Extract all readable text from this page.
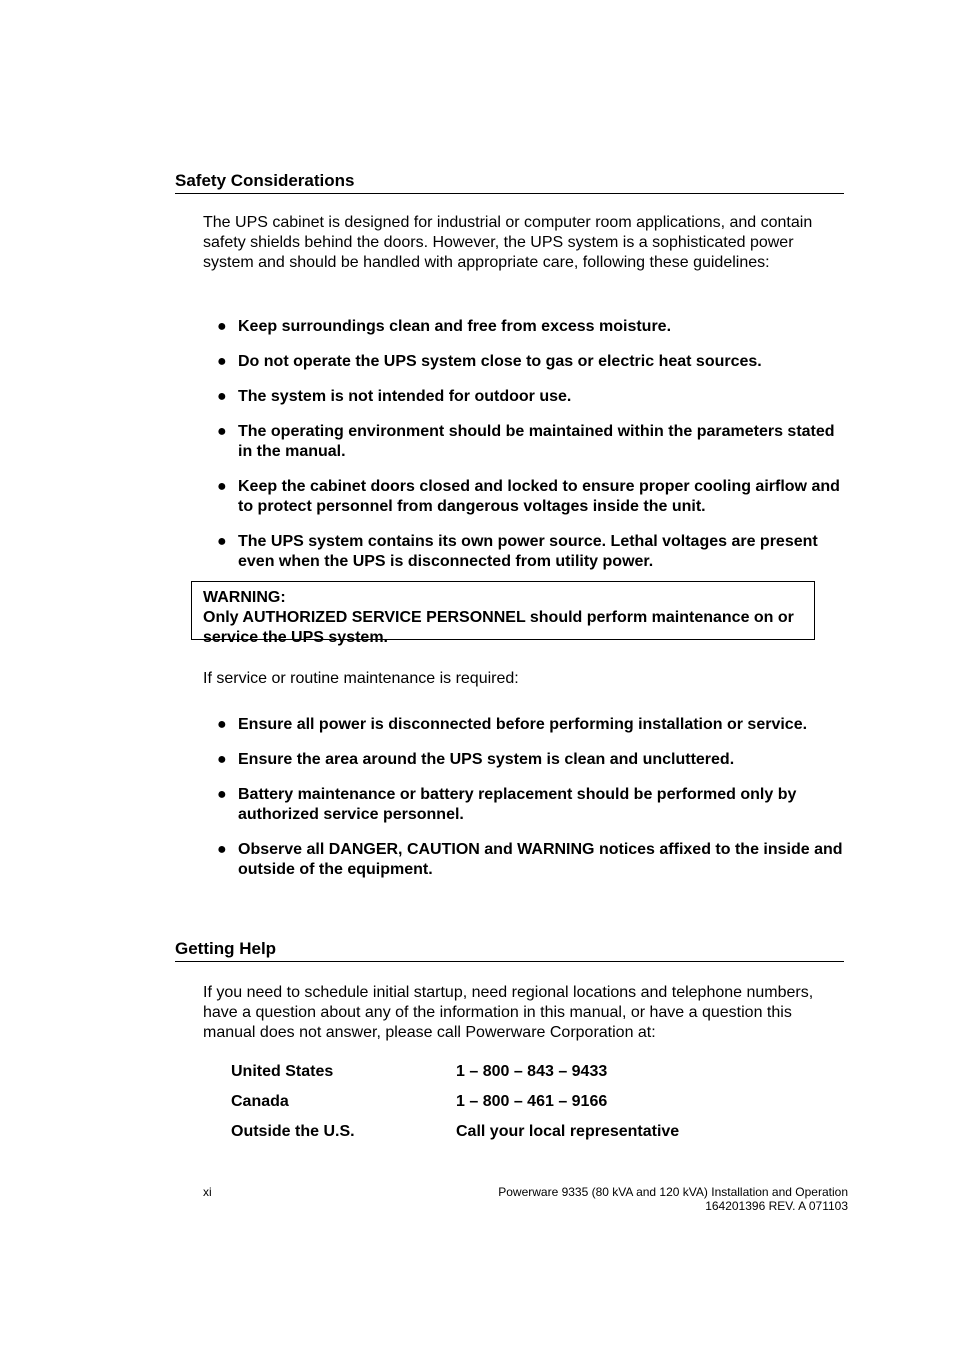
Safety Considerations

The UPS cabinet is designed for industrial or computer room applications, and contain safety shields behind the doors. However, the UPS system is a sophisticated power system and should be handled with appropriate care, following these guidelines:

● Keep surroundings clean and free from excess moisture.
● Do not operate the UPS system close to gas or electric heat sources.
● The system is not intended for outdoor use.
● The operating environment should be maintained within the parameters stated in the manual.
● Keep the cabinet doors closed and locked to ensure proper cooling airflow and to protect personnel from dangerous voltages inside the unit.
● The UPS system contains its own power source. Lethal voltages are present even when the UPS is disconnected from utility power.
WARNING:
Only AUTHORIZED SERVICE PERSONNEL should perform maintenance on or service the UPS system.

If service or routine maintenance is required:

● Ensure all power is disconnected before performing installation or service.
● Ensure the area around the UPS system is clean and uncluttered.
● Battery maintenance or battery replacement should be performed only by authorized service personnel.
● Observe all DANGER, CAUTION and WARNING notices affixed to the inside and outside of the equipment.
Getting Help

If you need to schedule initial startup, need regional locations and telephone numbers, have a question about any of the information in this manual, or have a question this manual does not answer, please call Powerware Corporation at:

United States	1 – 800 – 843 – 9433
Canada	1 – 800 – 461 – 9166
Outside the U.S.	Call your local representative
xi	Powerware 9335 (80 kVA and 120 kVA) Installation and Operation
164201396 REV. A 071103
